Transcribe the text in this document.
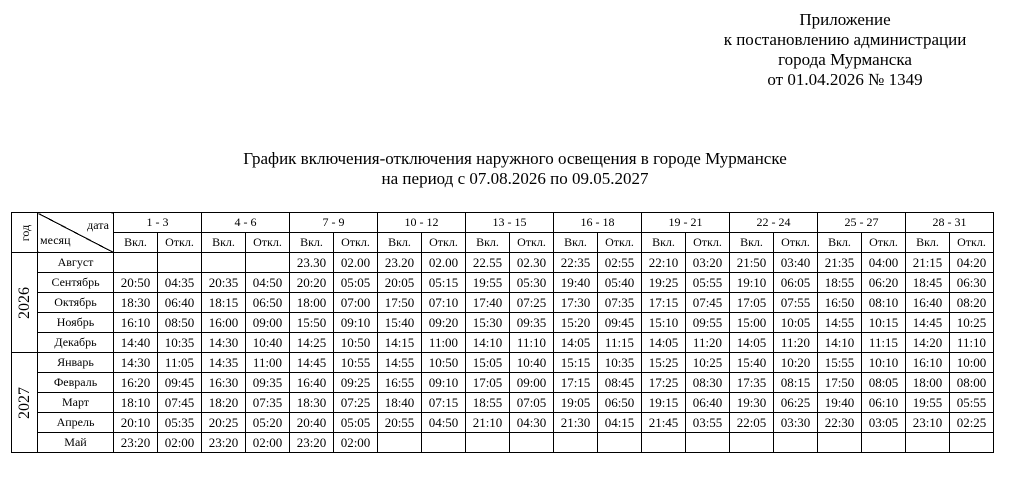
Приложение
к постановлению администрации
города Мурманска
от 01.04.2026 № 1349
График включения-отключения наружного освещения в городе Мурманске
на период с 07.08.2026 по 09.05.2027
год	дата
месяц	1 - 3		4 - 6		7 - 9		10 - 12		13 - 15		16 - 18		19 - 21		22 - 24		25 - 27		28 - 31	
		Вкл.	Откл.	Вкл.	Откл.	Вкл.	Откл.	Вкл.	Откл.	Вкл.	Откл.	Вкл.	Откл.	Вкл.	Откл.	Вкл.	Откл.	Вкл.	Откл.	Вкл.	Откл.

2026	Август					23.30	02.00	23.20	02.00	22.55	02.30	22:35	02:55	22:10	03:20	21:50	03:40	21:35	04:00	21:15	04:20
	Сентябрь	20:50	04:35	20:35	04:50	20:20	05:05	20:05	05:15	19:55	05:30	19:40	05:40	19:25	05:55	19:10	06:05	18:55	06:20	18:45	06:30
	Октябрь	18:30	06:40	18:15	06:50	18:00	07:00	17:50	07:10	17:40	07:25	17:30	07:35	17:15	07:45	17:05	07:55	16:50	08:10	16:40	08:20
	Ноябрь	16:10	08:50	16:00	09:00	15:50	09:10	15:40	09:20	15:30	09:35	15:20	09:45	15:10	09:55	15:00	10:05	14:55	10:15	14:45	10:25
	Декабрь	14:40	10:35	14:30	10:40	14:25	10:50	14:15	11:00	14:10	11:10	14:05	11:15	14:05	11:20	14:05	11:20	14:10	11:15	14:20	11:10

2027	Январь	14:30	11:05	14:35	11:00	14:45	10:55	14:55	10:50	15:05	10:40	15:15	10:35	15:25	10:25	15:40	10:20	15:55	10:10	16:10	10:00
	Февраль	16:20	09:45	16:30	09:35	16:40	09:25	16:55	09:10	17:05	09:00	17:15	08:45	17:25	08:30	17:35	08:15	17:50	08:05	18:00	08:00
	Март	18:10	07:45	18:20	07:35	18:30	07:25	18:40	07:15	18:55	07:05	19:05	06:50	19:15	06:40	19:30	06:25	19:40	06:10	19:55	05:55
	Апрель	20:10	05:35	20:25	05:20	20:40	05:05	20:55	04:50	21:10	04:30	21:30	04:15	21:45	03:55	22:05	03:30	22:30	03:05	23:10	02:25
	Май	23:20	02:00	23:20	02:00	23:20	02:00														
